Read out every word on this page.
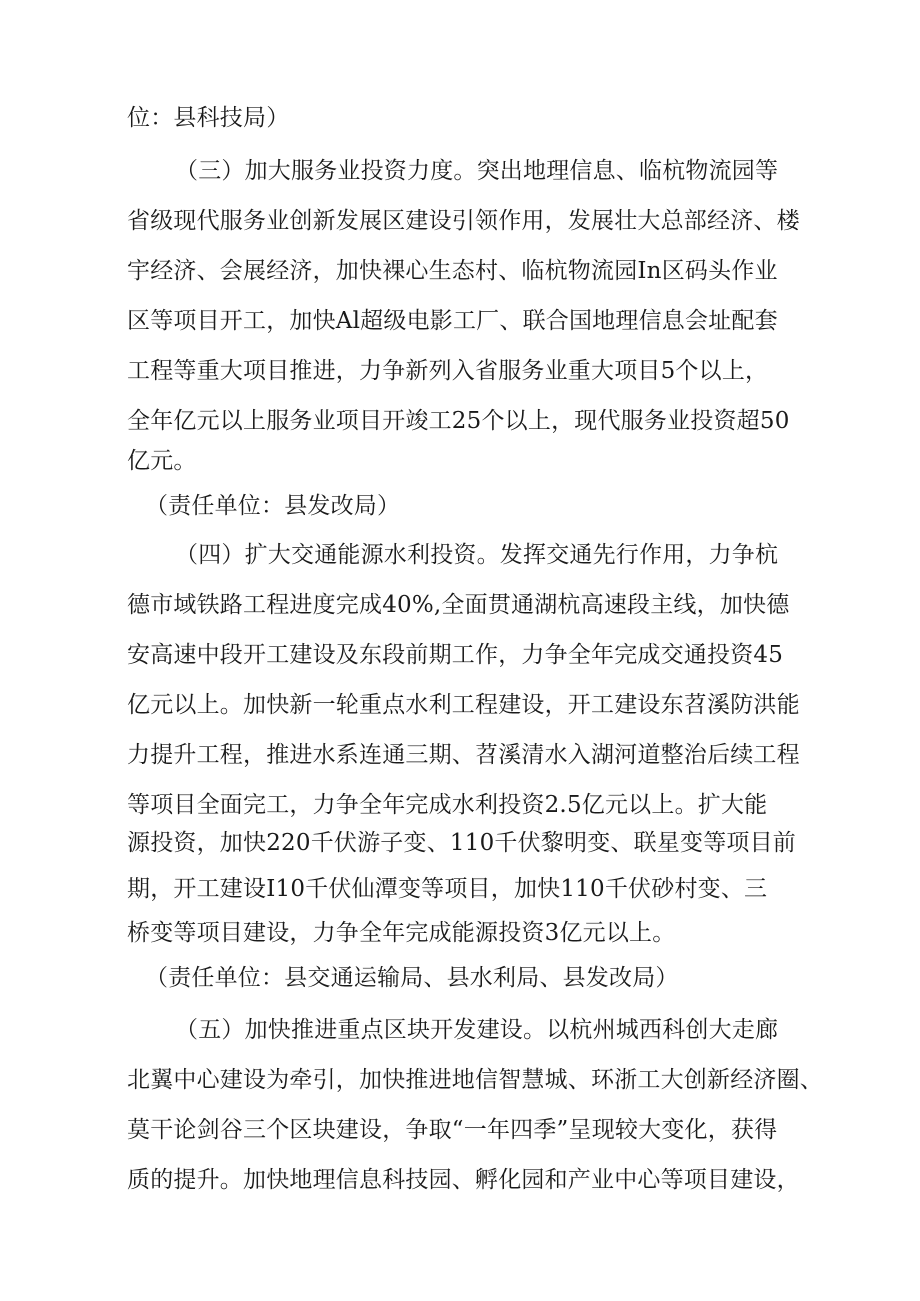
位：县科技局）
（三）加大服务业投资力度。突出地理信息、临杭物流园等
省级现代服务业创新发展区建设引领作用，发展壮大总部经济、楼
宇经济、会展经济，加快裸心生态村、临杭物流园In区码头作业
区等项目开工，加快Al超级电影工厂、联合国地理信息会址配套
工程等重大项目推进，力争新列入省服务业重大项目5个以上，
全年亿元以上服务业项目开竣工25个以上，现代服务业投资超50
亿元。
（责任单位：县发改局）
（四）扩大交通能源水利投资。发挥交通先行作用，力争杭
德市域铁路工程进度完成40%,全面贯通湖杭高速段主线，加快德
安高速中段开工建设及东段前期工作，力争全年完成交通投资45
亿元以上。加快新一轮重点水利工程建设，开工建设东苕溪防洪能
力提升工程，推进水系连通三期、苕溪清水入湖河道整治后续工程
等项目全面完工，力争全年完成水利投资2.5亿元以上。扩大能
源投资，加快220千伏游子变、110千伏黎明变、联星变等项目前
期，开工建设I10千伏仙潭变等项目，加快110千伏砂村变、三
桥变等项目建设，力争全年完成能源投资3亿元以上。
（责任单位：县交通运输局、县水利局、县发改局）
（五）加快推进重点区块开发建设。以杭州城西科创大走廊
北翼中心建设为牵引，加快推进地信智慧城、环浙工大创新经济圈、
莫干论剑谷三个区块建设，争取“一年四季”呈现较大变化，获得
质的提升。加快地理信息科技园、孵化园和产业中心等项目建设，
